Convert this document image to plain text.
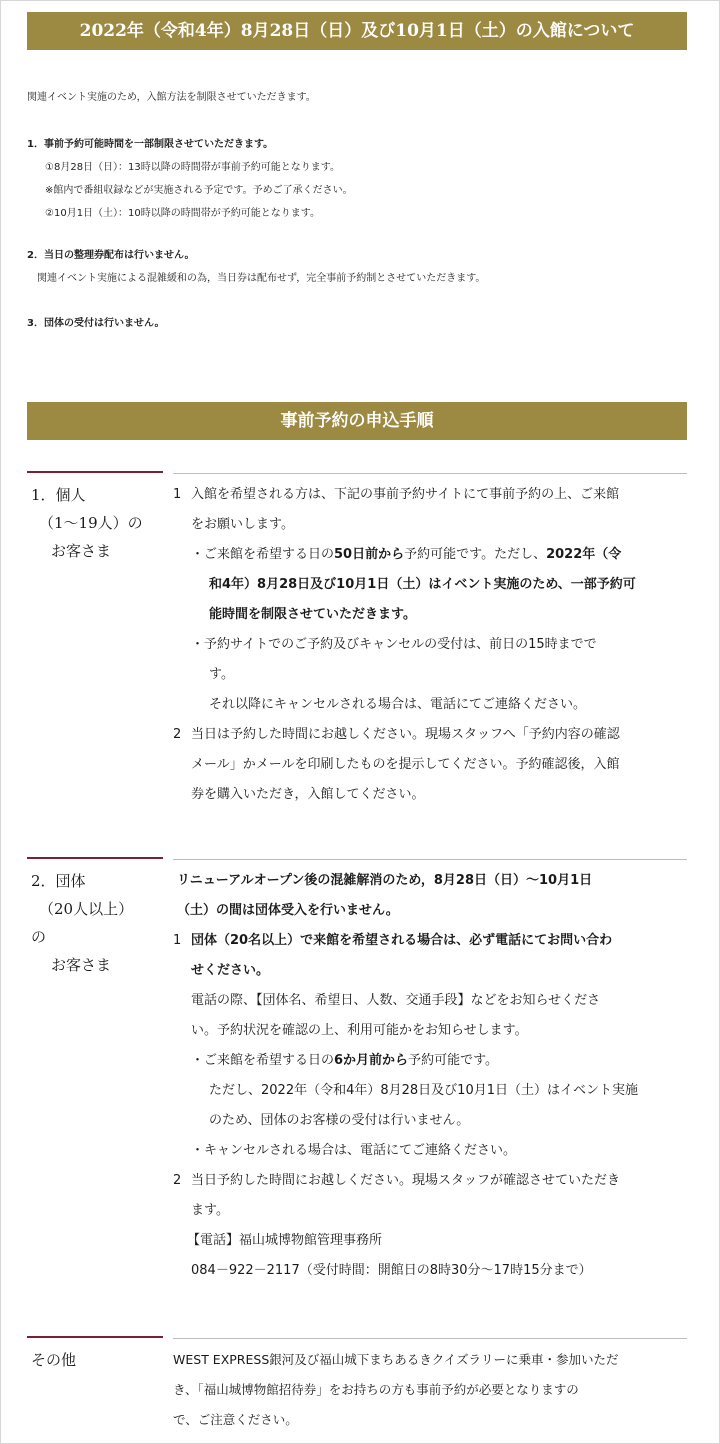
2022年（令和4年）8月28日（日）及び10月1日（土）の入館について

関連イベント実施のため，入館方法を制限させていただきます。

1．事前予約可能時間を一部制限させていただきます。

①8月28日（日）：13時以降の時間帯が事前予約可能となります。

※館内で番組収録などが実施される予定です。予めご了承ください。

②10月1日（土）：10時以降の時間帯が予約可能となります。

2．当日の整理券配布は行いません。

関連イベント実施による混雑緩和の為，当日券は配布せず，完全事前予約制とさせていただきます。

3．団体の受付は行いません。

事前予約の申込手順
1．個人
（1～19人）の
お客さま
1 入館を希望される方は、下記の事前予約サイトにて事前予約の上、ご来館
をお願いします。
・ご来館を希望する日の50日前から予約可能です。ただし、2022年（令
和4年）8月28日及び10月1日（土）はイベント実施のため、一部予約可
能時間を制限させていただきます。
・予約サイトでのご予約及びキャンセルの受付は、前日の15時までで
す。
それ以降にキャンセルされる場合は、電話にてご連絡ください。
2 当日は予約した時間にお越しください。現場スタッフへ「予約内容の確認
メール」かメールを印刷したものを提示してください。予約確認後，入館
券を購入いただき，入館してください。
2．団体
（20人以上）
の
お客さま
リニューアルオープン後の混雑解消のため，8月28日（日）～10月1日
（土）の間は団体受入を行いません。
1 団体（20名以上）で来館を希望される場合は、必ず電話にてお問い合わ
せください。
電話の際、【団体名、希望日、人数、交通手段】などをお知らせくださ
い。予約状況を確認の上、利用可能かをお知らせします。
・ご来館を希望する日の6か月前から予約可能です。
ただし、2022年（令和4年）8月28日及び10月1日（土）はイベント実施
のため、団体のお客様の受付は行いません。
・キャンセルされる場合は、電話にてご連絡ください。
2 当日予約した時間にお越しください。現場スタッフが確認させていただき
ます。
【電話】福山城博物館管理事務所
084－922－2117（受付時間：開館日の8時30分～17時15分まで）
その他	WEST EXPRESS銀河及び福山城下まちあるきクイズラリーに乗車・参加いただ
き、「福山城博物館招待券」をお持ちの方も事前予約が必要となりますの
で、ご注意ください。
